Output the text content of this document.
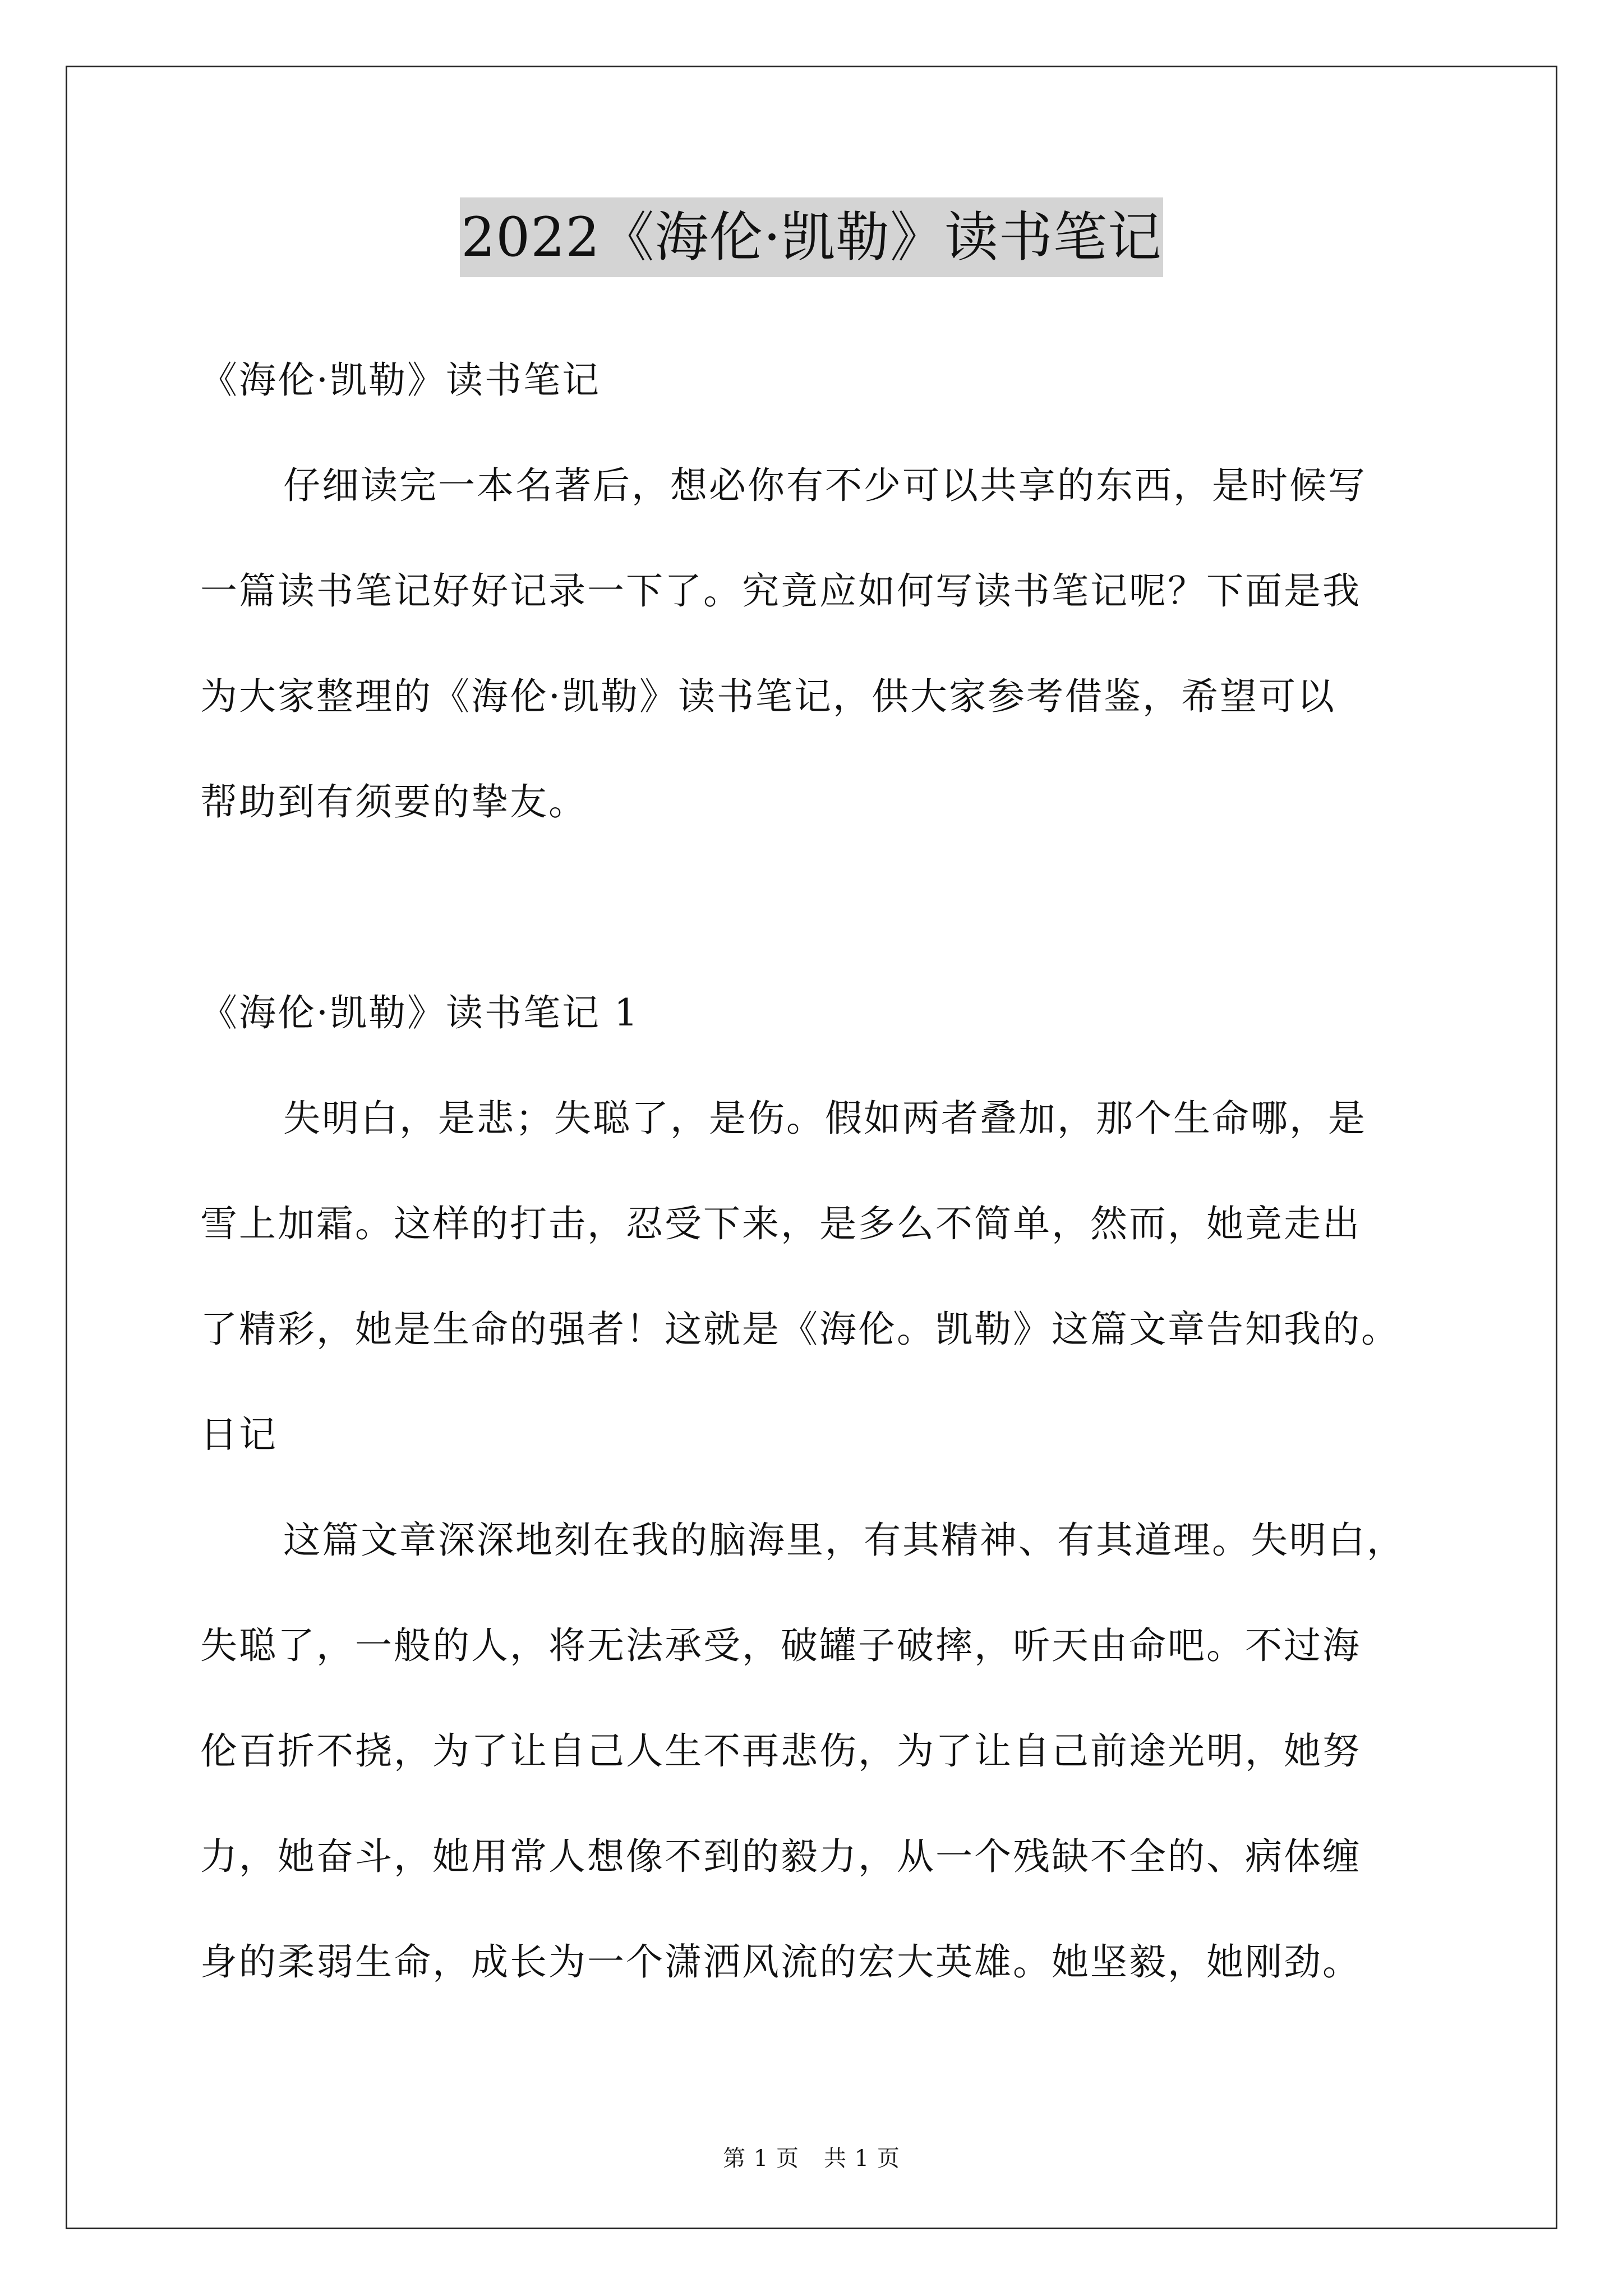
2022《海伦·凯勒》读书笔记
《海伦·凯勒》读书笔记
仔细读完一本名著后，想必你有不少可以共享的东西，是时候写
一篇读书笔记好好记录一下了。究竟应如何写读书笔记呢？下面是我
为大家整理的《海伦·凯勒》读书笔记，供大家参考借鉴，希望可以
帮助到有须要的挚友。
《海伦·凯勒》读书笔记 1
失明白，是悲；失聪了，是伤。假如两者叠加，那个生命哪，是
雪上加霜。这样的打击，忍受下来，是多么不简单，然而，她竟走出
了精彩，她是生命的强者！这就是《海伦。凯勒》这篇文章告知我的。
日记
这篇文章深深地刻在我的脑海里，有其精神、有其道理。失明白，
失聪了，一般的人，将无法承受，破罐子破摔，听天由命吧。不过海
伦百折不挠，为了让自己人生不再悲伤，为了让自己前途光明，她努
力，她奋斗，她用常人想像不到的毅力，从一个残缺不全的、病体缠
身的柔弱生命，成长为一个潇洒风流的宏大英雄。她坚毅，她刚劲。
第 1 页 共 1 页
